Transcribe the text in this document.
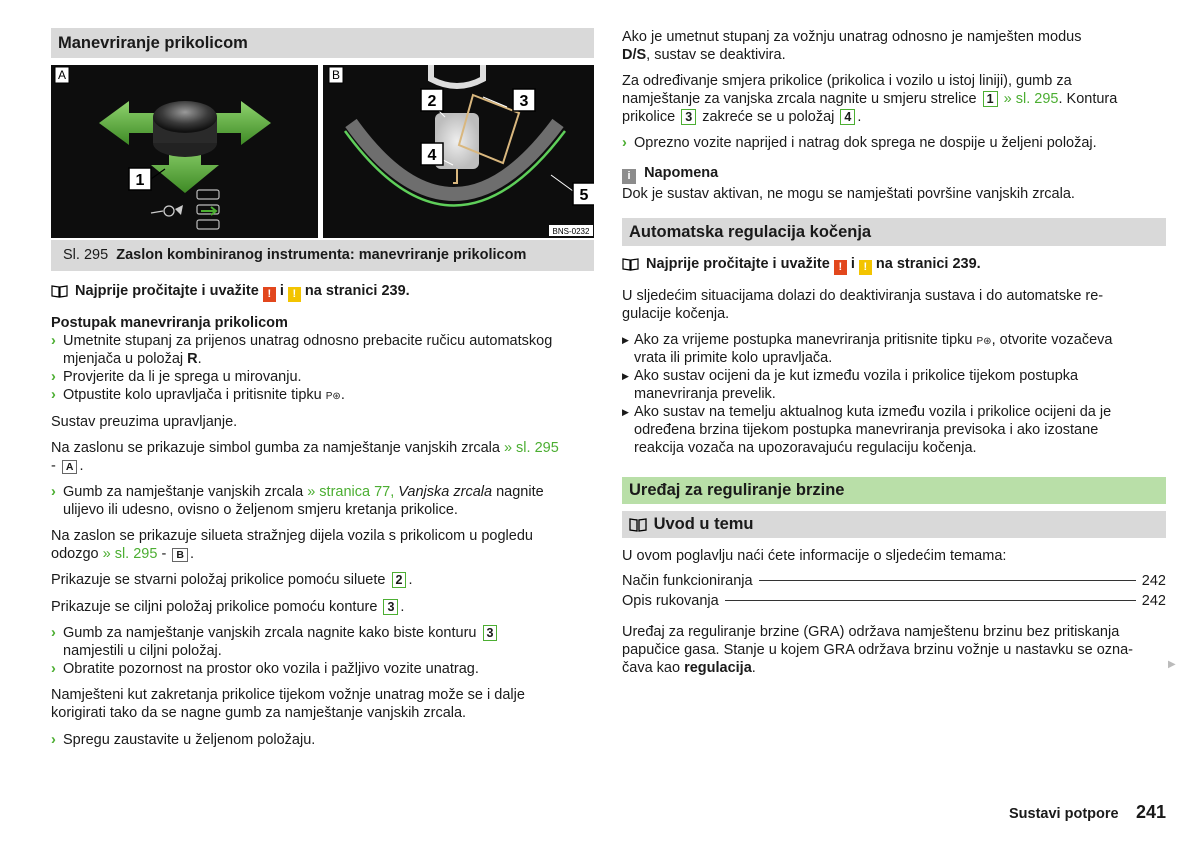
Manevriranje prikolicom
A
1
2	3
4
5
B
BNS-0232
Sl. 295 Zaslon kombiniranog instrumenta: manevriranje prikolicom

Najprije pročitajte i uvažite ! i ! na stranici 239.

Postupak manevriranja prikolicom

› Umetnite stupanj za prijenos unatrag odnosno prebacite ručicu automatskog

mjenjača u položaj R.

› Provjerite da li je sprega u mirovanju.

› Otpustite kolo upravljača i pritisnite tipku P⊛.

Sustav preuzima upravljanje.

Na zaslonu se prikazuje simbol gumba za namještanje vanjskih zrcala » sl. 295

- A .

› Gumb za namještanje vanjskih zrcala » stranica 77, Vanjska zrcala nagnite

ulijevo ili udesno, ovisno o željenom smjeru kretanja prikolice.

Na zaslon se prikazuje silueta stražnjeg dijela vozila s prikolicom u pogledu

odozgo » sl. 295 - B .

Prikazuje se stvarni položaj prikolice pomoću siluete 2 .

Prikazuje se ciljni položaj prikolice pomoću konture 3 .

› Gumb za namještanje vanjskih zrcala nagnite kako biste konturu 3

namjestili u ciljni položaj.

› Obratite pozornost na prostor oko vozila i pažljivo vozite unatrag.

Namješteni kut zakretanja prikolice tijekom vožnje unatrag može se i dalje

korigirati tako da se nagne gumb za namještanje vanjskih zrcala.

› Spregu zaustavite u željenom položaju.

Ako je umetnut stupanj za vožnju unatrag odnosno je namješten modus

D/S, sustav se deaktivira.

Za određivanje smjera prikolice (prikolica i vozilo u istoj liniji), gumb za

namještanje za vanjska zrcala nagnite u smjeru strelice 1 » sl. 295. Kontura

prikolice 3 zakreće se u položaj 4 .

› Oprezno vozite naprijed i natrag dok sprega ne dospije u željeni položaj.

i Napomena

Dok je sustav aktivan, ne mogu se namještati površine vanjskih zrcala.

Automatska regulacija kočenja

Najprije pročitajte i uvažite ! i ! na stranici 239.

U sljedećim situacijama dolazi do deaktiviranja sustava i do automatske re-

gulacije kočenja.

▶ Ako za vrijeme postupka manevriranja pritisnite tipku P⊛, otvorite vozačeva

vrata ili primite kolo upravljača.

▶ Ako sustav ocijeni da je kut između vozila i prikolice tijekom postupka

manevriranja prevelik.

▶ Ako sustav na temelju aktualnog kuta između vozila i prikolice ocijeni da je

određena brzina tijekom postupka manevriranja previsoka i ako izostane

reakcija vozača na upozoravajuću regulaciju kočenja.

Uređaj za reguliranje brzine
Uvod u temu

U ovom poglavlju naći ćete informacije o sljedećim temama:

Način funkcioniranja	242
Opis rukovanja	242

Uređaj za reguliranje brzine (GRA) održava namještenu brzinu bez pritiskanja

papučice gasa. Stanje u kojem GRA održava brzinu vožnje u nastavku se ozna-

čava kao regulacija.	▶
Sustavi potpore 241
